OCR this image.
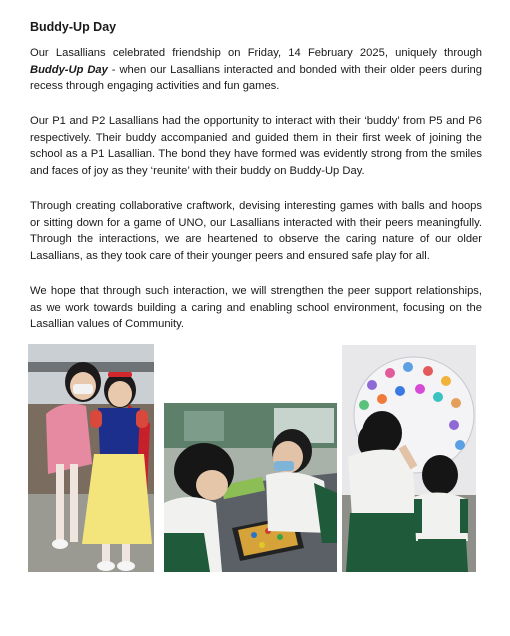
Buddy-Up Day

Our Lasallians celebrated friendship on Friday, 14 February 2025, uniquely through Buddy-Up Day - when our Lasallians interacted and bonded with their older peers during recess through engaging activities and fun games.

Our P1 and P2 Lasallians had the opportunity to interact with their ‘buddy’ from P5 and P6 respectively. Their buddy accompanied and guided them in their first week of joining the school as a P1 Lasallian. The bond they have formed was evidently strong from the smiles and faces of joy as they ‘reunite’ with their buddy on Buddy-Up Day.

Through creating collaborative craftwork, devising interesting games with balls and hoops or sitting down for a game of UNO, our Lasallians interacted with their peers meaningfully. Through the interactions, we are heartened to observe the caring nature of our older Lasallians, as they took care of their younger peers and ensured safe play for all.

We hope that through such interaction, we will strengthen the peer support relationships, as we work towards building a caring and enabling school environment, focusing on the Lasallian values of Community.
